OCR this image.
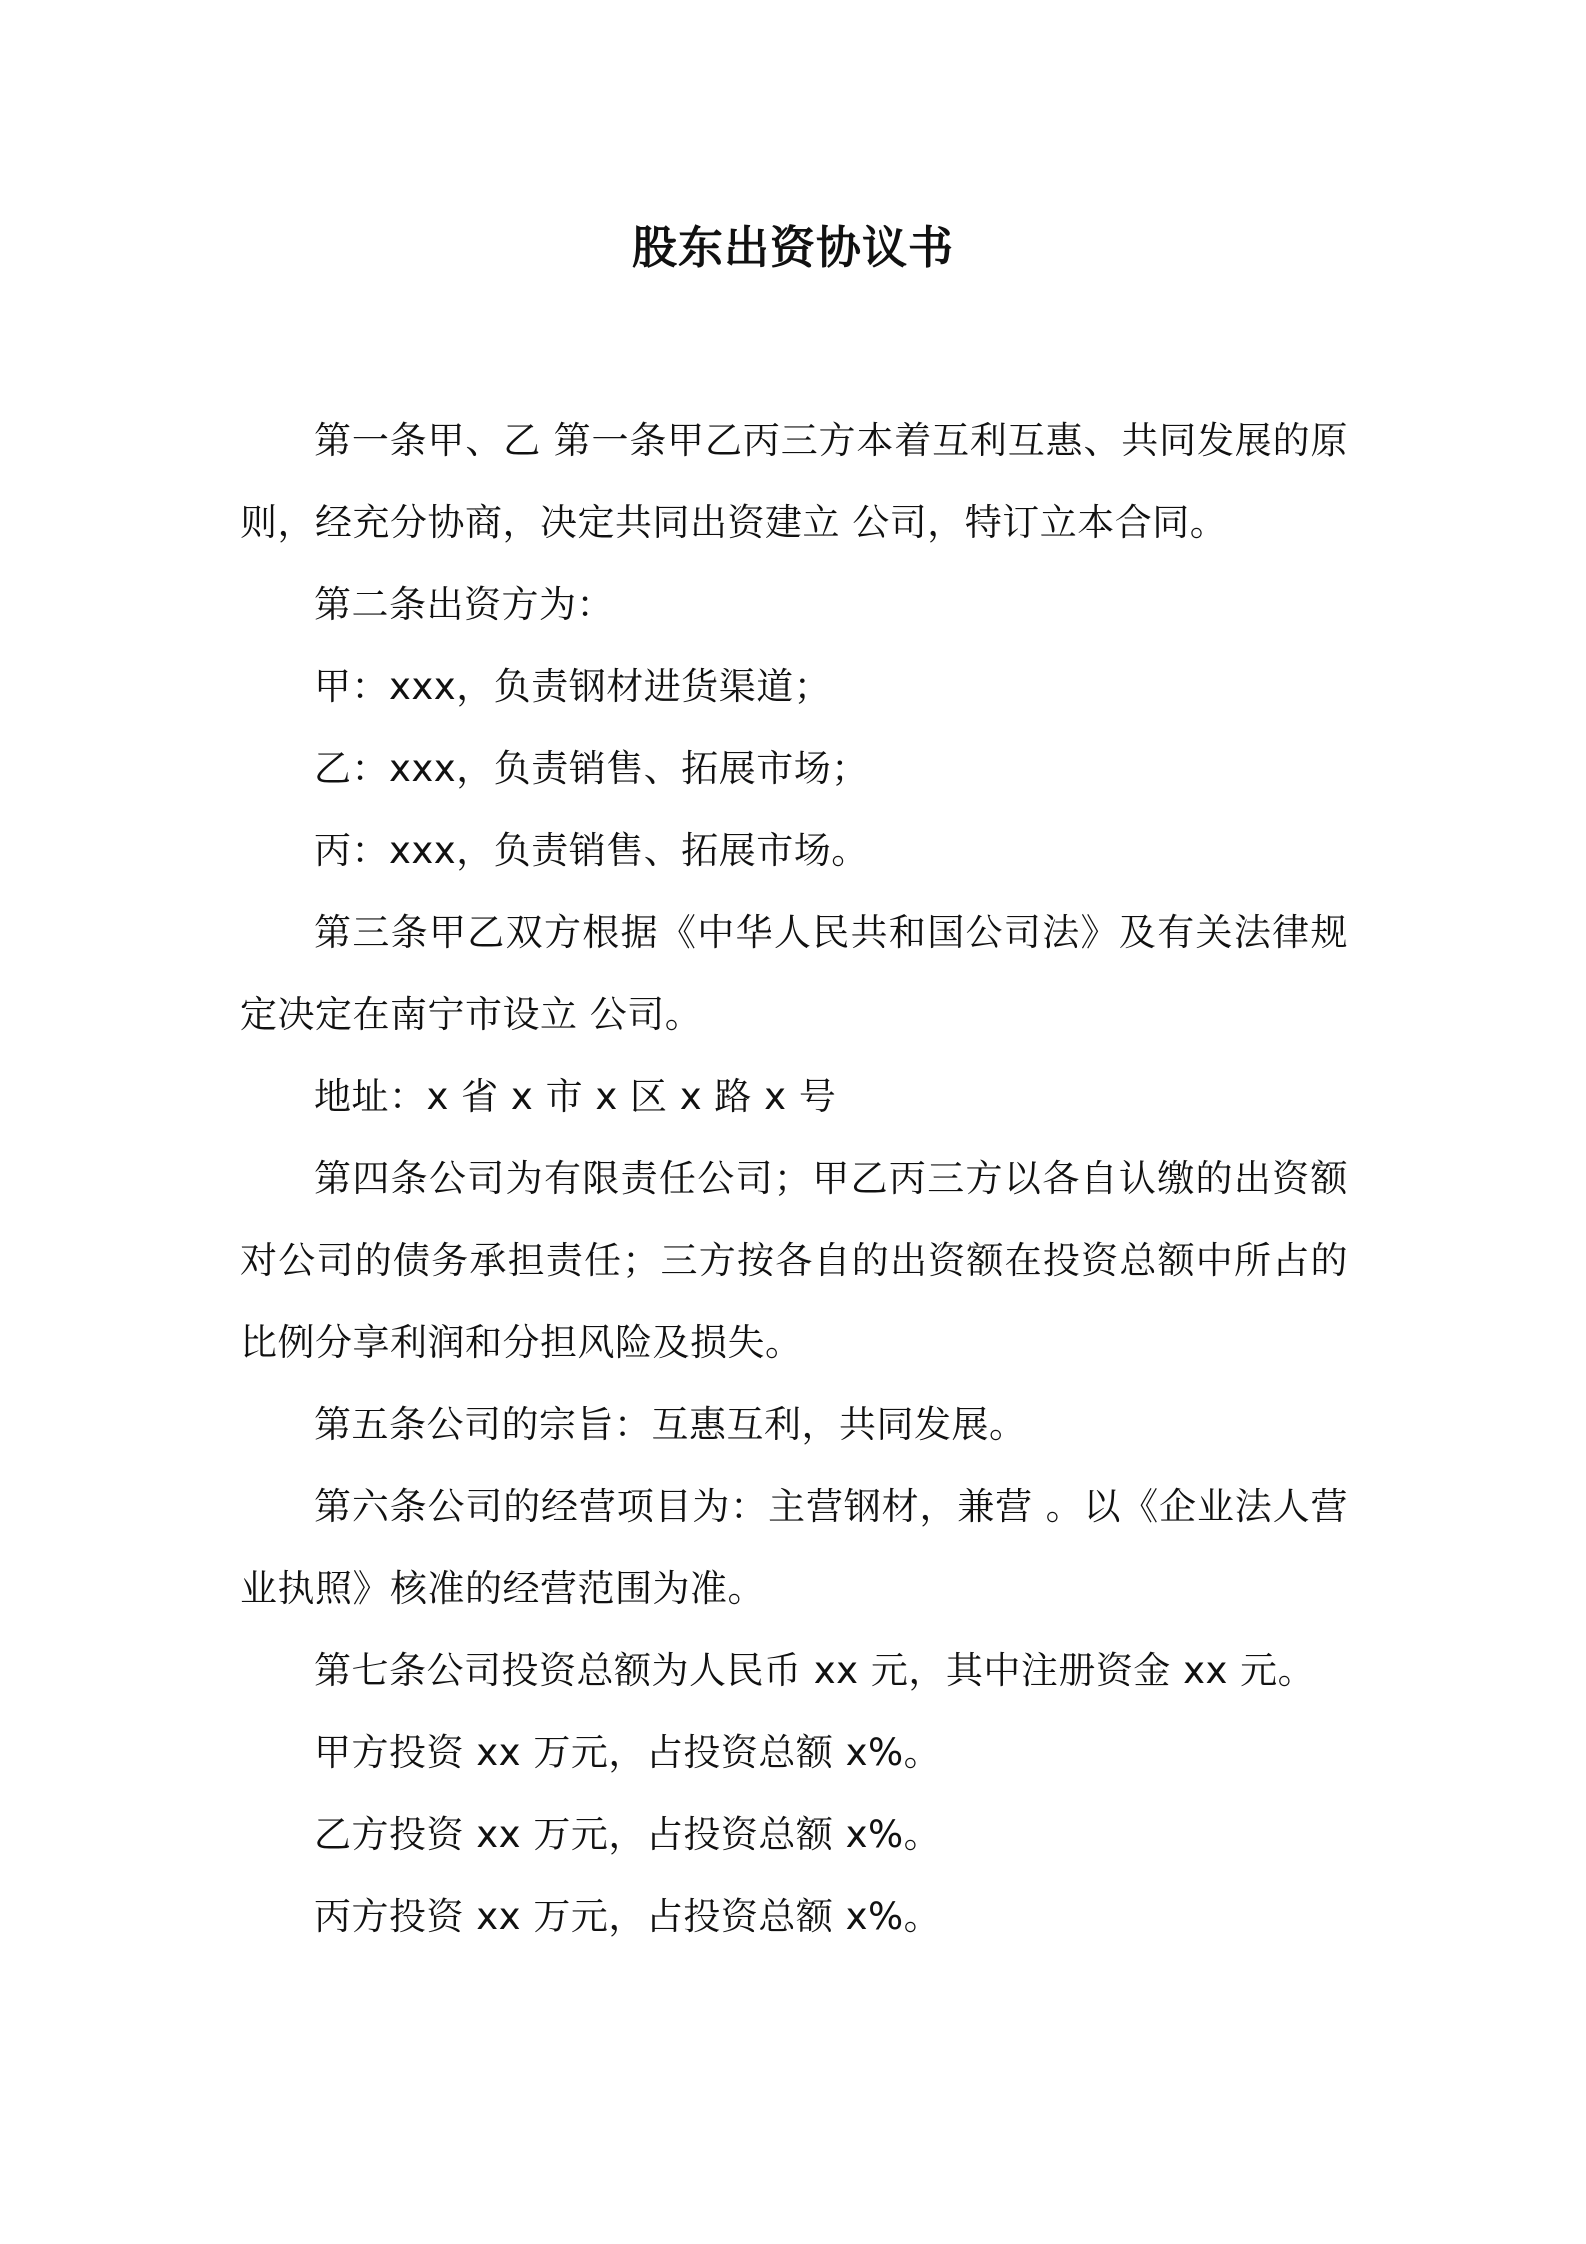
股东出资协议书

第一条甲、乙 第一条甲乙丙三方本着互利互惠、共同发展的原则，经充分协商，决定共同出资建立 公司，特订立本合同。

第二条出资方为：

甲：xxx，负责钢材进货渠道；

乙：xxx，负责销售、拓展市场；

丙：xxx，负责销售、拓展市场。

第三条甲乙双方根据《中华人民共和国公司法》及有关法律规定决定在南宁市设立 公司。

地址：x 省 x 市 x 区 x 路 x 号

第四条公司为有限责任公司；甲乙丙三方以各自认缴的出资额对公司的债务承担责任；三方按各自的出资额在投资总额中所占的比例分享利润和分担风险及损失。

第五条公司的宗旨：互惠互利，共同发展。

第六条公司的经营项目为：主营钢材，兼营 。以《企业法人营业执照》核准的经营范围为准。

第七条公司投资总额为人民币 xx 元，其中注册资金 xx 元。

甲方投资 xx 万元，占投资总额 x%。

乙方投资 xx 万元，占投资总额 x%。

丙方投资 xx 万元，占投资总额 x%。
